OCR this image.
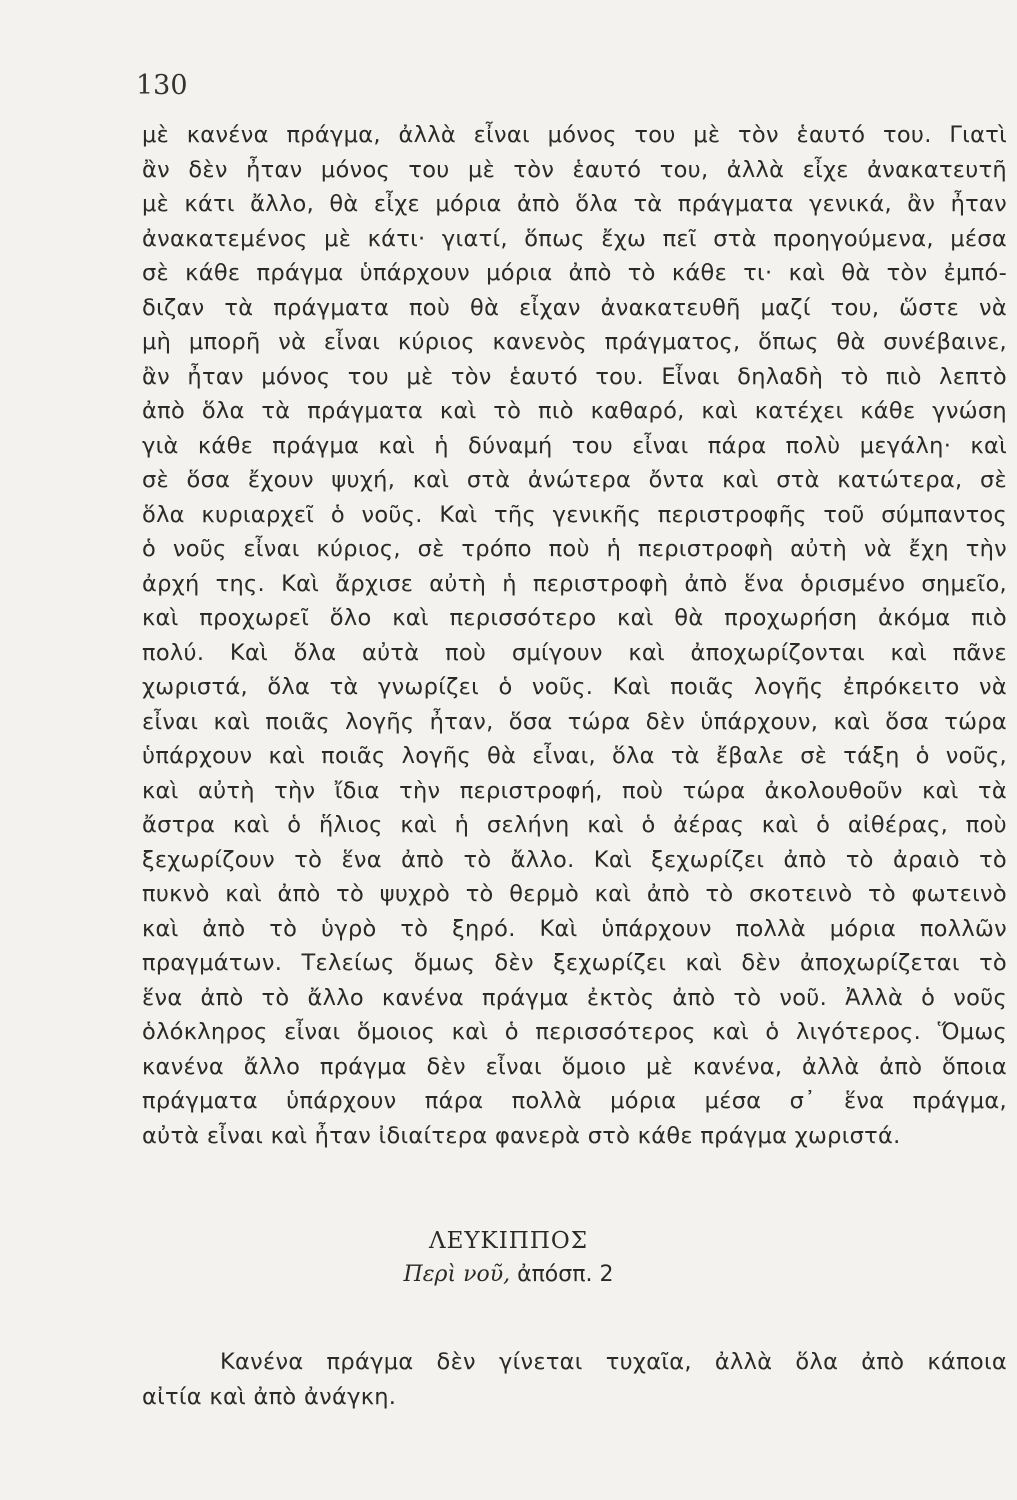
130
μὲ κανένα πράγμα, ἀλλὰ εἶναι μόνος του μὲ τὸν ἑαυτό του. Γιατὶ
ἂν δὲν ἦταν μόνος του μὲ τὸν ἑαυτό του, ἀλλὰ εἶχε ἀνακατευτῆ
μὲ κάτι ἄλλο, θὰ εἶχε μόρια ἀπὸ ὅλα τὰ πράγματα γενικά, ἂν ἦταν
ἀνακατεμένος μὲ κάτι· γιατί, ὅπως ἔχω πεῖ στὰ προηγούμενα, μέσα
σὲ κάθε πράγμα ὑπάρχουν μόρια ἀπὸ τὸ κάθε τι· καὶ θὰ τὸν ἐμπό-
διζαν τὰ πράγματα ποὺ θὰ εἶχαν ἀνακατευθῆ μαζί του, ὥστε νὰ
μὴ μπορῆ νὰ εἶναι κύριος κανενὸς πράγματος, ὅπως θὰ συνέβαινε,
ἂν ἦταν μόνος του μὲ τὸν ἑαυτό του. Εἶναι δηλαδὴ τὸ πιὸ λεπτὸ
ἀπὸ ὅλα τὰ πράγματα καὶ τὸ πιὸ καθαρό, καὶ κατέχει κάθε γνώση
γιὰ κάθε πράγμα καὶ ἡ δύναμή του εἶναι πάρα πολὺ μεγάλη· καὶ
σὲ ὅσα ἔχουν ψυχή, καὶ στὰ ἀνώτερα ὄντα καὶ στὰ κατώτερα, σὲ
ὅλα κυριαρχεῖ ὁ νοῦς. Καὶ τῆς γενικῆς περιστροφῆς τοῦ σύμπαντος
ὁ νοῦς εἶναι κύριος, σὲ τρόπο ποὺ ἡ περιστροφὴ αὐτὴ νὰ ἔχη τὴν
ἀρχή της. Καὶ ἄρχισε αὐτὴ ἡ περιστροφὴ ἀπὸ ἕνα ὁρισμένο σημεῖο,
καὶ προχωρεῖ ὅλο καὶ περισσότερο καὶ θὰ προχωρήση ἀκόμα πιὸ
πολύ. Καὶ ὅλα αὐτὰ ποὺ σμίγουν καὶ ἀποχωρίζονται καὶ πᾶνε
χωριστά, ὅλα τὰ γνωρίζει ὁ νοῦς. Καὶ ποιᾶς λογῆς ἐπρόκειτο νὰ
εἶναι καὶ ποιᾶς λογῆς ἦταν, ὅσα τώρα δὲν ὑπάρχουν, καὶ ὅσα τώρα
ὑπάρχουν καὶ ποιᾶς λογῆς θὰ εἶναι, ὅλα τὰ ἔβαλε σὲ τάξη ὁ νοῦς,
καὶ αὐτὴ τὴν ἴδια τὴν περιστροφή, ποὺ τώρα ἀκολουθοῦν καὶ τὰ
ἄστρα καὶ ὁ ἥλιος καὶ ἡ σελήνη καὶ ὁ ἀέρας καὶ ὁ αἰθέρας, ποὺ
ξεχωρίζουν τὸ ἕνα ἀπὸ τὸ ἄλλο. Καὶ ξεχωρίζει ἀπὸ τὸ ἀραιὸ τὸ
πυκνὸ καὶ ἀπὸ τὸ ψυχρὸ τὸ θερμὸ καὶ ἀπὸ τὸ σκοτεινὸ τὸ φωτεινὸ
καὶ ἀπὸ τὸ ὑγρὸ τὸ ξηρό. Καὶ ὑπάρχουν πολλὰ μόρια πολλῶν
πραγμάτων. Τελείως ὅμως δὲν ξεχωρίζει καὶ δὲν ἀποχωρίζεται τὸ
ἕνα ἀπὸ τὸ ἄλλο κανένα πράγμα ἐκτὸς ἀπὸ τὸ νοῦ. Ἀλλὰ ὁ νοῦς
ὁλόκληρος εἶναι ὅμοιος καὶ ὁ περισσότερος καὶ ὁ λιγότερος. Ὅμως
κανένα ἄλλο πράγμα δὲν εἶναι ὅμοιο μὲ κανένα, ἀλλὰ ἀπὸ ὅποια
πράγματα ὑπάρχουν πάρα πολλὰ μόρια μέσα σ᾽ ἕνα πράγμα,
αὐτὰ εἶναι καὶ ἦταν ἰδιαίτερα φανερὰ στὸ κάθε πράγμα χωριστά.
ΛΕΥΚΙΠΠΟΣ
Περὶ νοῦ, ἀπόσπ. 2
Κανένα πράγμα δὲν γίνεται τυχαῖα, ἀλλὰ ὅλα ἀπὸ κάποια
αἰτία καὶ ἀπὸ ἀνάγκη.
